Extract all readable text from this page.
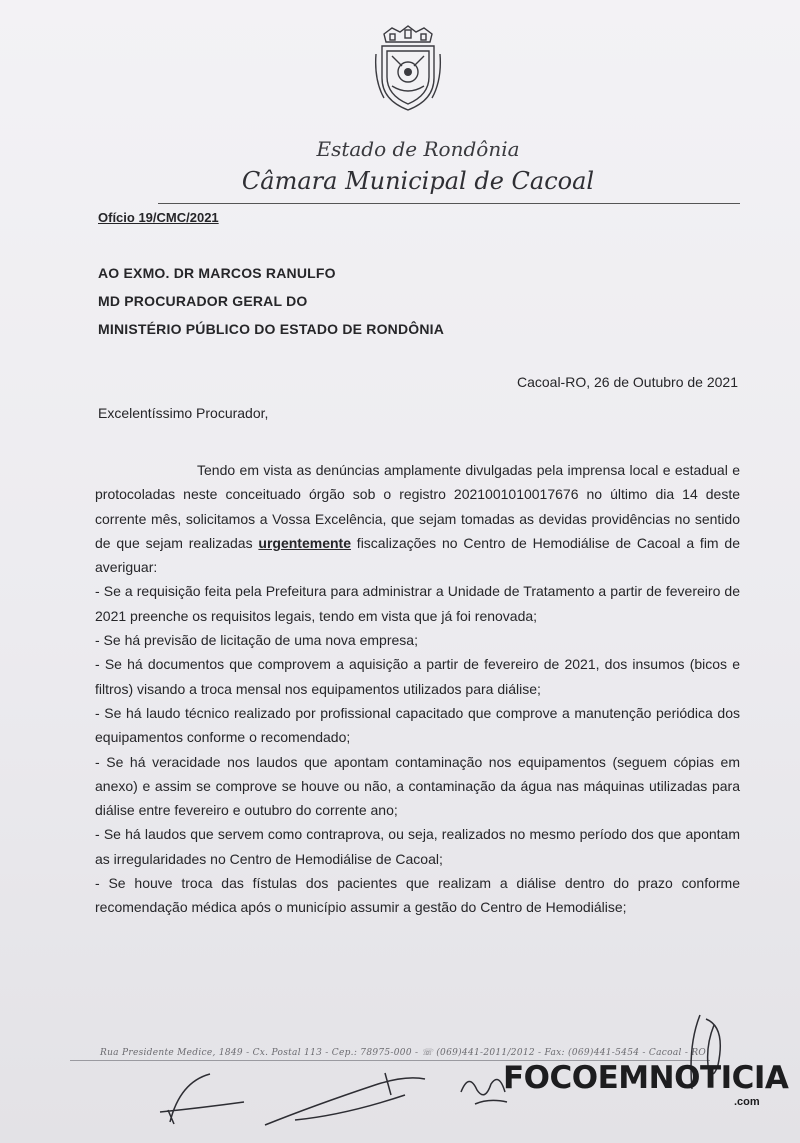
Estado de Rondônia
Câmara Municipal de Cacoal
Ofício 19/CMC/2021
AO EXMO. DR MARCOS RANULFO
MD PROCURADOR GERAL DO
MINISTÉRIO PÚBLICO DO ESTADO DE RONDÔNIA
Cacoal-RO, 26 de Outubro de 2021
Excelentíssimo Procurador,

Tendo em vista as denúncias amplamente divulgadas pela imprensa local e estadual e protocoladas neste conceituado órgão sob o registro 2021001010017676 no último dia 14 deste corrente mês, solicitamos a Vossa Excelência, que sejam tomadas as devidas providências no sentido de que sejam realizadas urgentemente fiscalizações no Centro de Hemodiálise de Cacoal a fim de averiguar:

- Se a requisição feita pela Prefeitura para administrar a Unidade de Tratamento a partir de fevereiro de 2021 preenche os requisitos legais, tendo em vista que já foi renovada;

- Se há previsão de licitação de uma nova empresa;

- Se há documentos que comprovem a aquisição a partir de fevereiro de 2021, dos insumos (bicos e filtros) visando a troca mensal nos equipamentos utilizados para diálise;

- Se há laudo técnico realizado por profissional capacitado que comprove a manutenção periódica dos equipamentos conforme o recomendado;

- Se há veracidade nos laudos que apontam contaminação nos equipamentos (seguem cópias em anexo) e assim se comprove se houve ou não, a contaminação da água nas máquinas utilizadas para diálise entre fevereiro e outubro do corrente ano;

- Se há laudos que servem como contraprova, ou seja, realizados no mesmo período dos que apontam as irregularidades no Centro de Hemodiálise de Cacoal;

- Se houve troca das fístulas dos pacientes que realizam a diálise dentro do prazo conforme recomendação médica após o município assumir a gestão do Centro de Hemodiálise;

Rua Presidente Medice, 1849 - Cx. Postal 113 - Cep.: 78975-000 - ☏ (069)441-2011/2012 - Fax: (069)441-5454 - Cacoal - RO
FOCOEMNOTICIA
.com
